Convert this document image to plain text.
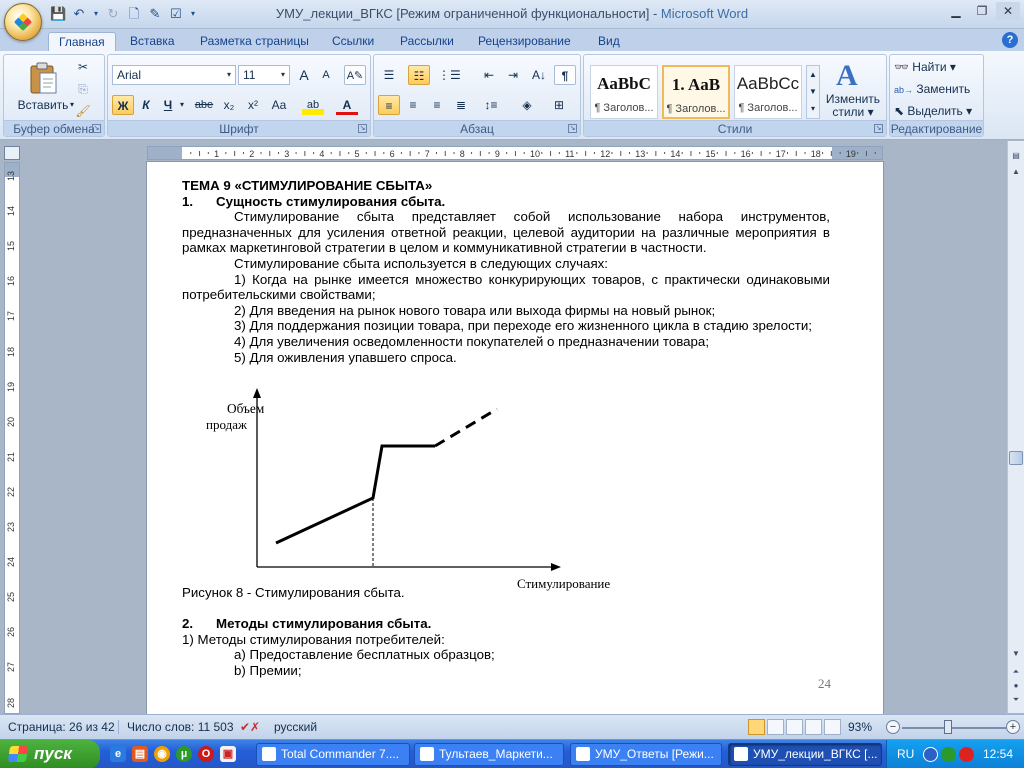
💾 ↶	▾ ↻ 🗋 ✎ ☑ ▾	УМУ_лекции_ВГКС [Режим ограниченной функциональности] - Microsoft Word	▁	❐	✕
Главная	Вставка	Разметка страницы	Ссылки	Рассылки	Рецензирование	Вид	?
Вставить ▾
✂
⎘
🖌
Буфер обмена
↘
Arial	▾	11	▾	A	A	A✎
Ж	К	Ч ▾ abe x₂	x²	Aa	ab	A
Шрифт	↘
☰	☷	⋮☰	⇤	⇥	A↓	¶
≡	≡	≡	≣	↕≡	◈	⊞
Абзац	↘
AaBbC
¶ Заголов...
1. AaB
¶ Заголов...
AaBbCc
¶ Заголов...
▲
▼
▾
A
Изменить
стили ▾
Стили	↘
👓 Найти ▾
ab→ Заменить
⬉ Выделить ▾
Редактирование
1	2	3	4	5	6	7	8	9	10	11	12	13	14	15	16	17	18	19
13
14
15
16
17
18
19
20
21
22
23
24
25
26
27
28

ТЕМА 9 «СТИМУЛИРОВАНИЕ СБЫТА»

1. Сущность стимулирования сбыта.

Стимулирование сбыта представляет собой использование набора инструментов, предназначенных для усиления ответной реакции, целевой аудитории на различные мероприятия в рамках маркетинговой стратегии в целом и коммуникативной стратегии в частности.

Стимулирование сбыта используется в следующих случаях:

1) Когда на рынке имеется множество конкурирующих товаров, с практически одинаковыми потребительскими свойствами;

2) Для введения на рынок нового товара или выхода фирмы на новый рынок;

3) Для поддержания позиции товара, при переходе его жизненного цикла в стадию зрелости;

4) Для увеличения осведомленности покупателей о предназначении товара;

5) Для оживления упавшего спроса.

Объем
продаж
Стимулирование

Рисунок 8 - Стимулирования сбыта.

2. Методы стимулирования сбыта.

1) Методы стимулирования потребителей:

a) Предоставление бесплатных образцов;

b) Премии;

24
▤
▲
▼
⏶
●
⏷
Страница: 26 из 42	Число слов: 11 503 ✔✗ русский	93%	−	+
пуск	e	▤ ◉	µ	O	▣	Total Commander 7....	Тультаев_Маркети...	УМУ_Ответы [Режи...	УМУ_лекции_ВГКС [...	RU	12:54
